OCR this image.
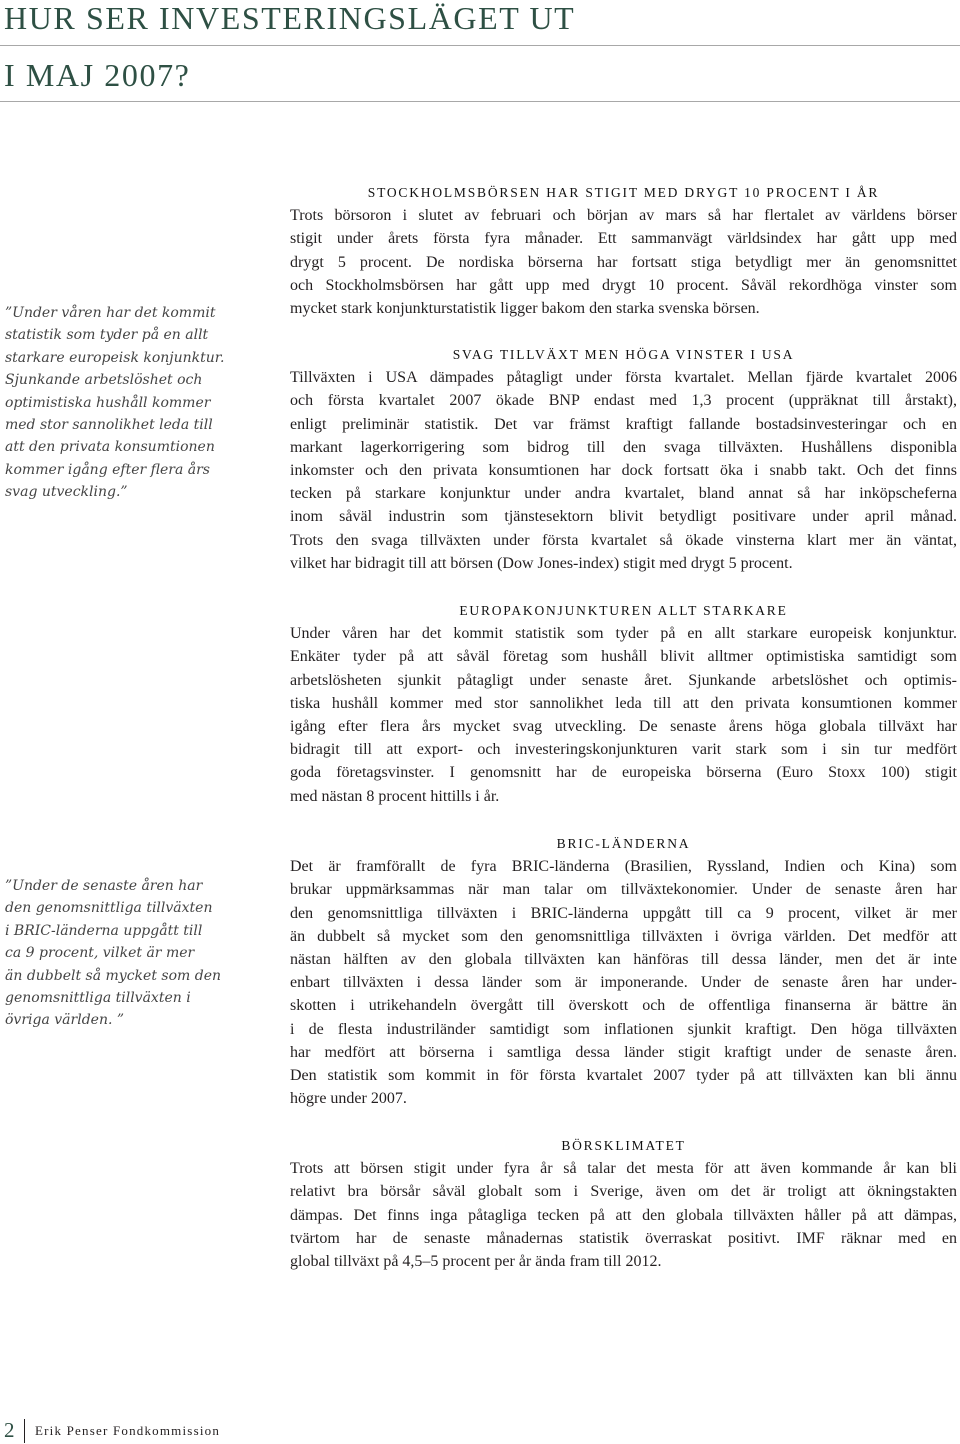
HUR SER INVESTERINGSLÄGET UT
I MAJ 2007?
”Under våren har det kommit
statistik som tyder på en allt
starkare europeisk konjunktur.
Sjunkande arbetslöshet och
optimistiska hushåll kommer
med stor sannolikhet leda till
att den privata konsumtionen
kommer igång efter flera års
svag utveckling.”
”Under de senaste åren har
den genomsnittliga tillväxten
i BRIC-länderna uppgått till
ca 9 procent, vilket är mer
än dubbelt så mycket som den
genomsnittliga tillväxten i
övriga världen. ”
STOCKHOLMSBÖRSEN HAR STIGIT MED DRYGT 10 PROCENT I ÅR
Trots börsoron i slutet av februari och början av mars så har flertalet av världens börser
stigit under årets första fyra månader. Ett sammanvägt världsindex har gått upp med
drygt 5 procent. De nordiska börserna har fortsatt stiga betydligt mer än genomsnittet
och Stockholmsbörsen har gått upp med drygt 10 procent. Såväl rekordhöga vinster som
mycket stark konjunkturstatistik ligger bakom den starka svenska börsen.
SVAG TILLVÄXT MEN HÖGA VINSTER I USA
Tillväxten i USA dämpades påtagligt under första kvartalet. Mellan fjärde kvartalet 2006
och första kvartalet 2007 ökade BNP endast med 1,3 procent (uppräknat till årstakt),
enligt preliminär statistik. Det var främst kraftigt fallande bostadsinvesteringar och en
markant lagerkorrigering som bidrog till den svaga tillväxten. Hushållens disponibla
inkomster och den privata konsumtionen har dock fortsatt öka i snabb takt. Och det finns
tecken på starkare konjunktur under andra kvartalet, bland annat så har inköpscheferna
inom såväl industrin som tjänstesektorn blivit betydligt positivare under april månad.
Trots den svaga tillväxten under första kvartalet så ökade vinsterna klart mer än väntat,
vilket har bidragit till att börsen (Dow Jones-index) stigit med drygt 5 procent.
EUROPAKONJUNKTUREN ALLT STARKARE
Under våren har det kommit statistik som tyder på en allt starkare europeisk konjunktur.
Enkäter tyder på att såväl företag som hushåll blivit alltmer optimistiska samtidigt som
arbetslösheten sjunkit påtagligt under senaste året. Sjunkande arbetslöshet och optimis-
tiska hushåll kommer med stor sannolikhet leda till att den privata konsumtionen kommer
igång efter flera års mycket svag utveckling. De senaste årens höga globala tillväxt har
bidragit till att export- och investeringskonjunkturen varit stark som i sin tur medfört
goda företagsvinster. I genomsnitt har de europeiska börserna (Euro Stoxx 100) stigit
med nästan 8 procent hittills i år.
BRIC-LÄNDERNA
Det är framförallt de fyra BRIC-länderna (Brasilien, Ryssland, Indien och Kina) som
brukar uppmärksammas när man talar om tillväxtekonomier. Under de senaste åren har
den genomsnittliga tillväxten i BRIC-länderna uppgått till ca 9 procent, vilket är mer
än dubbelt så mycket som den genomsnittliga tillväxten i övriga världen. Det medför att
nästan hälften av den globala tillväxten kan hänföras till dessa länder, men det är inte
enbart tillväxten i dessa länder som är imponerande. Under de senaste åren har under-
skotten i utrikehandeln övergått till överskott och de offentliga finanserna är bättre än
i de flesta industriländer samtidigt som inflationen sjunkit kraftigt. Den höga tillväxten
har medfört att börserna i samtliga dessa länder stigit kraftigt under de senaste åren.
Den statistik som kommit in för första kvartalet 2007 tyder på att tillväxten kan bli ännu
högre under 2007.
BÖRSKLIMATET
Trots att börsen stigit under fyra år så talar det mesta för att även kommande år kan bli
relativt bra börsår såväl globalt som i Sverige, även om det är troligt att ökningstakten
dämpas. Det finns inga påtagliga tecken på att den globala tillväxten håller på att dämpas,
tvärtom har de senaste månadernas statistik överraskat positivt. IMF räknar med en
global tillväxt på 4,5–5 procent per år ända fram till 2012.
2 Erik Penser Fondkommission
